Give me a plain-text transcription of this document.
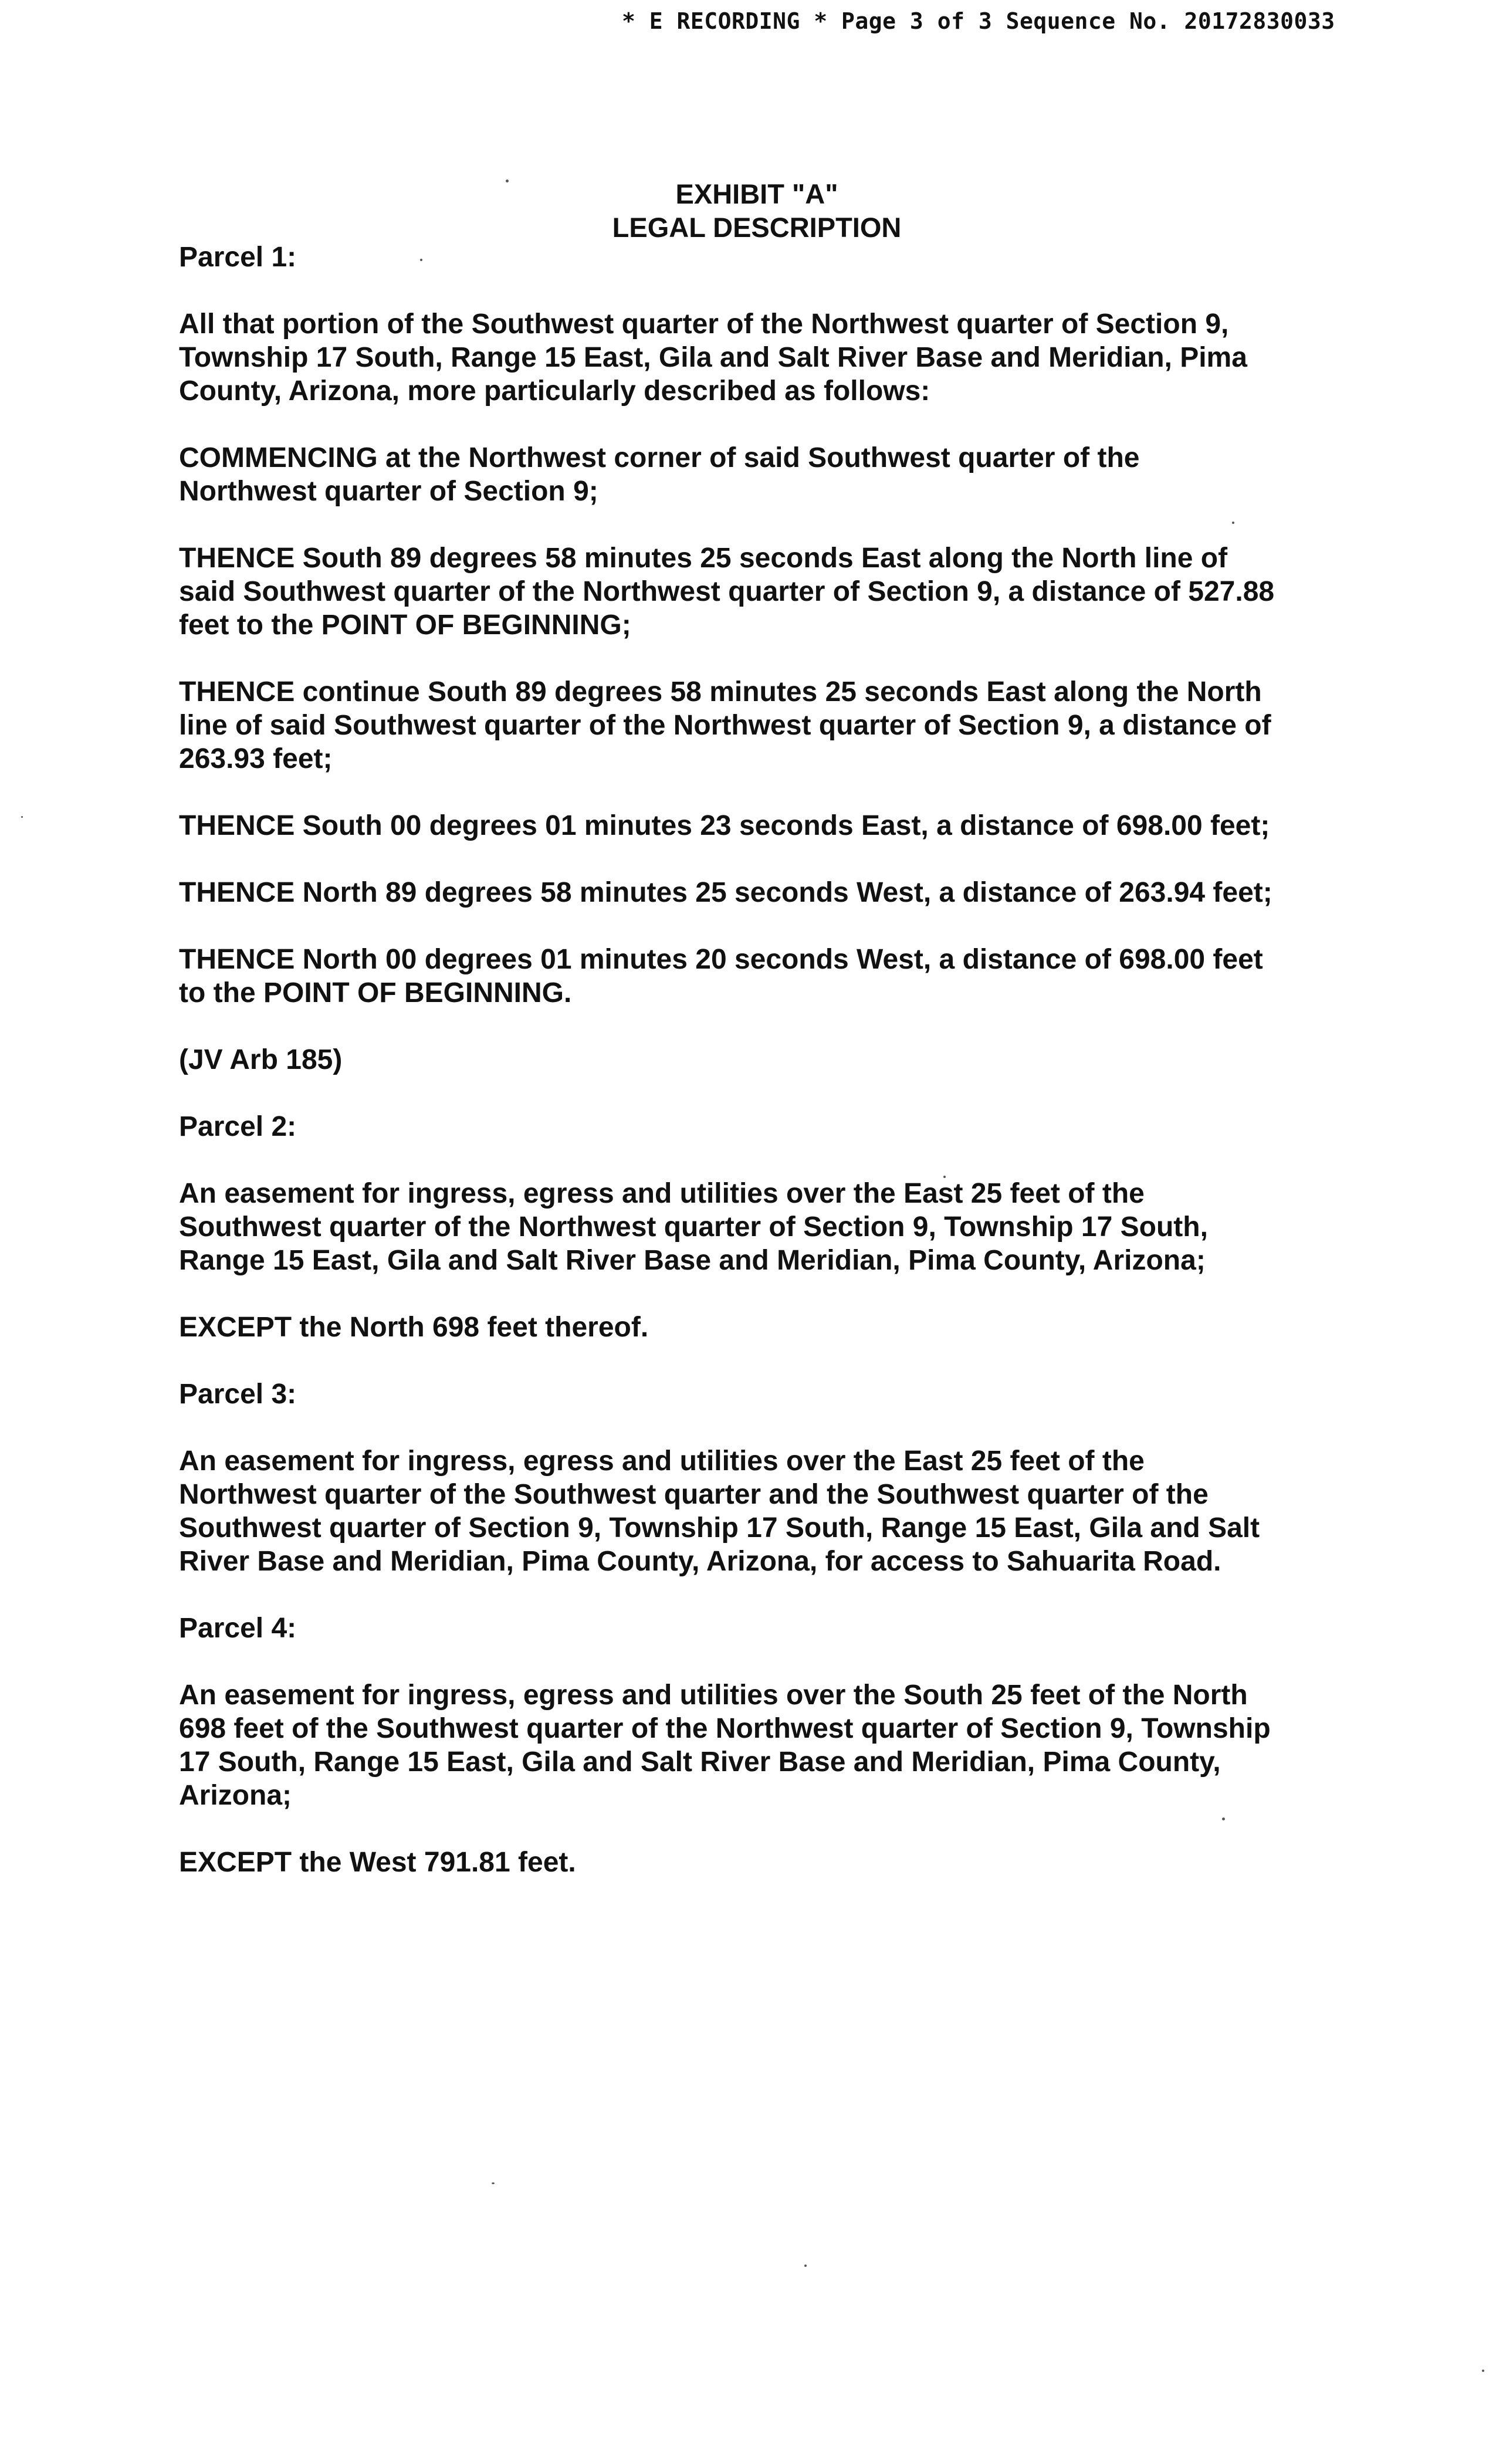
* E RECORDING * Page 3 of 3 Sequence No. 20172830033
EXHIBIT "A"
LEGAL DESCRIPTION

Parcel 1:

All that portion of the Southwest quarter of the Northwest quarter of Section 9,

Township 17 South, Range 15 East, Gila and Salt River Base and Meridian, Pima

County, Arizona, more particularly described as follows:

COMMENCING at the Northwest corner of said Southwest quarter of the

Northwest quarter of Section 9;

THENCE South 89 degrees 58 minutes 25 seconds East along the North line of

said Southwest quarter of the Northwest quarter of Section 9, a distance of 527.88

feet to the POINT OF BEGINNING;

THENCE continue South 89 degrees 58 minutes 25 seconds East along the North

line of said Southwest quarter of the Northwest quarter of Section 9, a distance of

263.93 feet;

THENCE South 00 degrees 01 minutes 23 seconds East, a distance of 698.00 feet;

THENCE North 89 degrees 58 minutes 25 seconds West, a distance of 263.94 feet;

THENCE North 00 degrees 01 minutes 20 seconds West, a distance of 698.00 feet

to the POINT OF BEGINNING.

(JV Arb 185)

Parcel 2:

An easement for ingress, egress and utilities over the East 25 feet of the

Southwest quarter of the Northwest quarter of Section 9, Township 17 South,

Range 15 East, Gila and Salt River Base and Meridian, Pima County, Arizona;

EXCEPT the North 698 feet thereof.

Parcel 3:

An easement for ingress, egress and utilities over the East 25 feet of the

Northwest quarter of the Southwest quarter and the Southwest quarter of the

Southwest quarter of Section 9, Township 17 South, Range 15 East, Gila and Salt

River Base and Meridian, Pima County, Arizona, for access to Sahuarita Road.

Parcel 4:

An easement for ingress, egress and utilities over the South 25 feet of the North

698 feet of the Southwest quarter of the Northwest quarter of Section 9, Township

17 South, Range 15 East, Gila and Salt River Base and Meridian, Pima County,

Arizona;

EXCEPT the West 791.81 feet.
